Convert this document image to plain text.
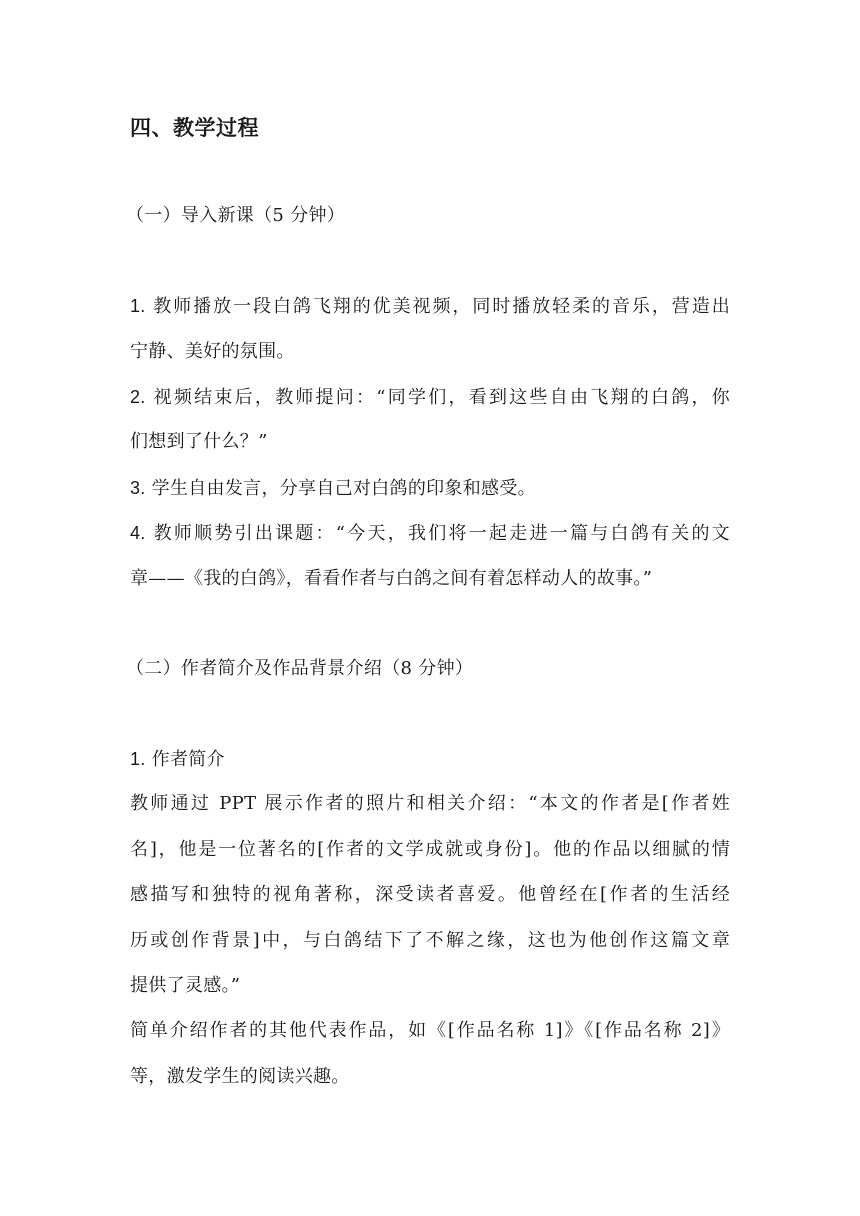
四、教学过程
（一）导入新课（5 分钟）
1. 教师播放一段白鸽飞翔的优美视频，同时播放轻柔的音乐，营造出
宁静、美好的氛围。
2. 视频结束后，教师提问：“同学们，看到这些自由飞翔的白鸽，你
们想到了什么？”
3. 学生自由发言，分享自己对白鸽的印象和感受。
4. 教师顺势引出课题：“今天，我们将一起走进一篇与白鸽有关的文
章——《我的白鸽》，看看作者与白鸽之间有着怎样动人的故事。”
（二）作者简介及作品背景介绍（8 分钟）
1. 作者简介
教师通过 PPT 展示作者的照片和相关介绍：“本文的作者是[作者姓
名]，他是一位著名的[作者的文学成就或身份]。他的作品以细腻的情
感描写和独特的视角著称，深受读者喜爱。他曾经在[作者的生活经
历或创作背景]中，与白鸽结下了不解之缘，这也为他创作这篇文章
提供了灵感。”
简单介绍作者的其他代表作品，如《[作品名称 1]》《[作品名称 2]》
等，激发学生的阅读兴趣。
